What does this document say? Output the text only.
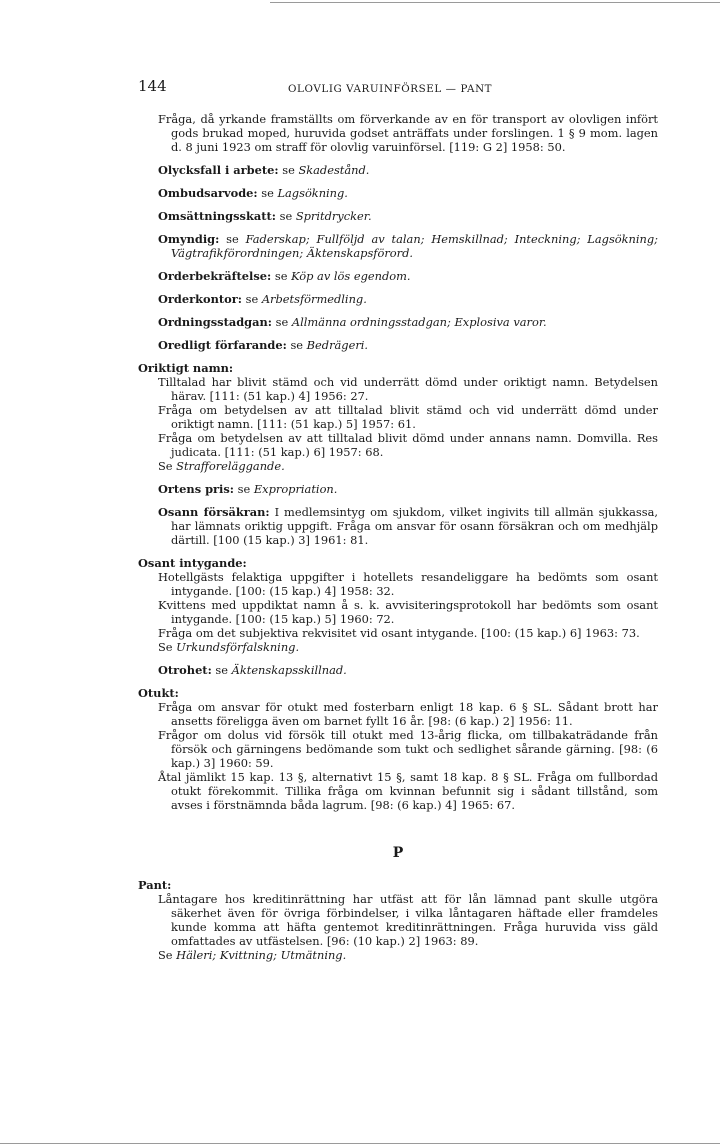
144	OLOVLIG VARUINFÖRSEL — PANT
Fråga, då yrkande framställts om förverkande av en för transport av olovligen infört gods brukad moped, huruvida godset anträffats under forslingen. 1 § 9 mom. lagen d. 8 juni 1923 om straff för olovlig varuinförsel. [119: G 2] 1958: 50.
Olycksfall i arbete: se Skadestånd.
Ombudsarvode: se Lagsökning.
Omsättningsskatt: se Spritdrycker.
Omyndig: se Faderskap; Fullföljd av talan; Hemskillnad; Inteckning; Lagsökning; Vägtrafikförordningen; Äktenskapsförord.
Orderbekräftelse: se Köp av lös egendom.
Orderkontor: se Arbetsförmedling.
Ordningsstadgan: se Allmänna ordningsstadgan; Explosiva varor.
Oredligt förfarande: se Bedrägeri.
Oriktigt namn:
Tilltalad har blivit stämd och vid underrätt dömd under oriktigt namn. Betydelsen härav. [111: (51 kap.) 4] 1956: 27.
Fråga om betydelsen av att tilltalad blivit stämd och vid underrätt dömd under oriktigt namn. [111: (51 kap.) 5] 1957: 61.
Fråga om betydelsen av att tilltalad blivit dömd under annans namn. Domvilla. Res judicata. [111: (51 kap.) 6] 1957: 68.
Se Strafforeläggande.
Ortens pris: se Expropriation.
Osann försäkran: I medlemsintyg om sjukdom, vilket ingivits till allmän sjukkassa, har lämnats oriktig uppgift. Fråga om ansvar för osann försäkran och om medhjälp därtill. [100 (15 kap.) 3] 1961: 81.
Osant intygande:
Hotellgästs felaktiga uppgifter i hotellets resandeliggare ha bedömts som osant intygande. [100: (15 kap.) 4] 1958: 32.
Kvittens med uppdiktat namn å s. k. avvisiteringsprotokoll har bedömts som osant intygande. [100: (15 kap.) 5] 1960: 72.
Fråga om det subjektiva rekvisitet vid osant intygande. [100: (15 kap.) 6] 1963: 73.
Se Urkundsförfalskning.
Otrohet: se Äktenskapsskillnad.
Otukt:
Fråga om ansvar för otukt med fosterbarn enligt 18 kap. 6 § SL. Sådant brott har ansetts föreligga även om barnet fyllt 16 år. [98: (6 kap.) 2] 1956: 11.
Frågor om dolus vid försök till otukt med 13-årig flicka, om tillbakaträdande från försök och gärningens bedömande som tukt och sedlighet sårande gärning. [98: (6 kap.) 3] 1960: 59.
Åtal jämlikt 15 kap. 13 §, alternativt 15 §, samt 18 kap. 8 § SL. Fråga om fullbordad otukt förekommit. Tillika fråga om kvinnan befunnit sig i sådant tillstånd, som avses i förstnämnda båda lagrum. [98: (6 kap.) 4] 1965: 67.
P
Pant:
Låntagare hos kreditinrättning har utfäst att för lån lämnad pant skulle utgöra säkerhet även för övriga förbindelser, i vilka låntagaren häftade eller framdeles kunde komma att häfta gentemot kreditinrättningen. Fråga huruvida viss gäld omfattades av utfästelsen. [96: (10 kap.) 2] 1963: 89.
Se Häleri; Kvittning; Utmätning.
